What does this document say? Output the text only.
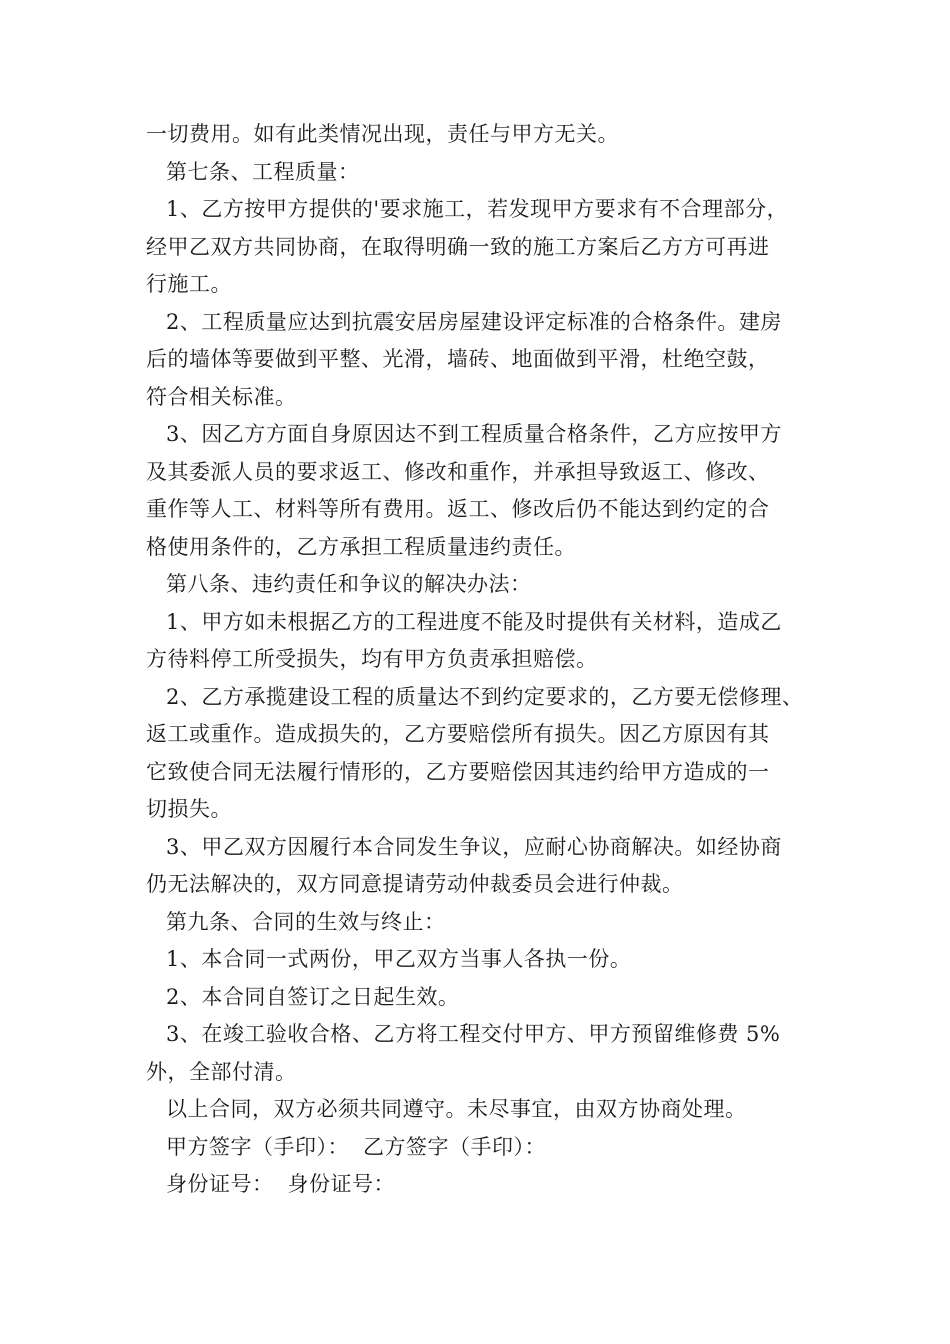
一切费用。如有此类情况出现，责任与甲方无关。
第七条、工程质量：
1、乙方按甲方提供的'要求施工，若发现甲方要求有不合理部分，
经甲乙双方共同协商，在取得明确一致的施工方案后乙方方可再进
行施工。
2、工程质量应达到抗震安居房屋建设评定标准的合格条件。建房
后的墙体等要做到平整、光滑，墙砖、地面做到平滑，杜绝空鼓，
符合相关标准。
3、因乙方方面自身原因达不到工程质量合格条件，乙方应按甲方
及其委派人员的要求返工、修改和重作，并承担导致返工、修改、
重作等人工、材料等所有费用。返工、修改后仍不能达到约定的合
格使用条件的，乙方承担工程质量违约责任。
第八条、违约责任和争议的解决办法：
1、甲方如未根据乙方的工程进度不能及时提供有关材料，造成乙
方待料停工所受损失，均有甲方负责承担赔偿。
2、乙方承揽建设工程的质量达不到约定要求的，乙方要无偿修理、
返工或重作。造成损失的，乙方要赔偿所有损失。因乙方原因有其
它致使合同无法履行情形的，乙方要赔偿因其违约给甲方造成的一
切损失。
3、甲乙双方因履行本合同发生争议，应耐心协商解决。如经协商
仍无法解决的，双方同意提请劳动仲裁委员会进行仲裁。
第九条、合同的生效与终止：
1、本合同一式两份，甲乙双方当事人各执一份。
2、本合同自签订之日起生效。
3、在竣工验收合格、乙方将工程交付甲方、甲方预留维修费 5%
外，全部付清。
以上合同，双方必须共同遵守。未尽事宜，由双方协商处理。
甲方签字（手印）： 乙方签字（手印）：
身份证号： 身份证号：
